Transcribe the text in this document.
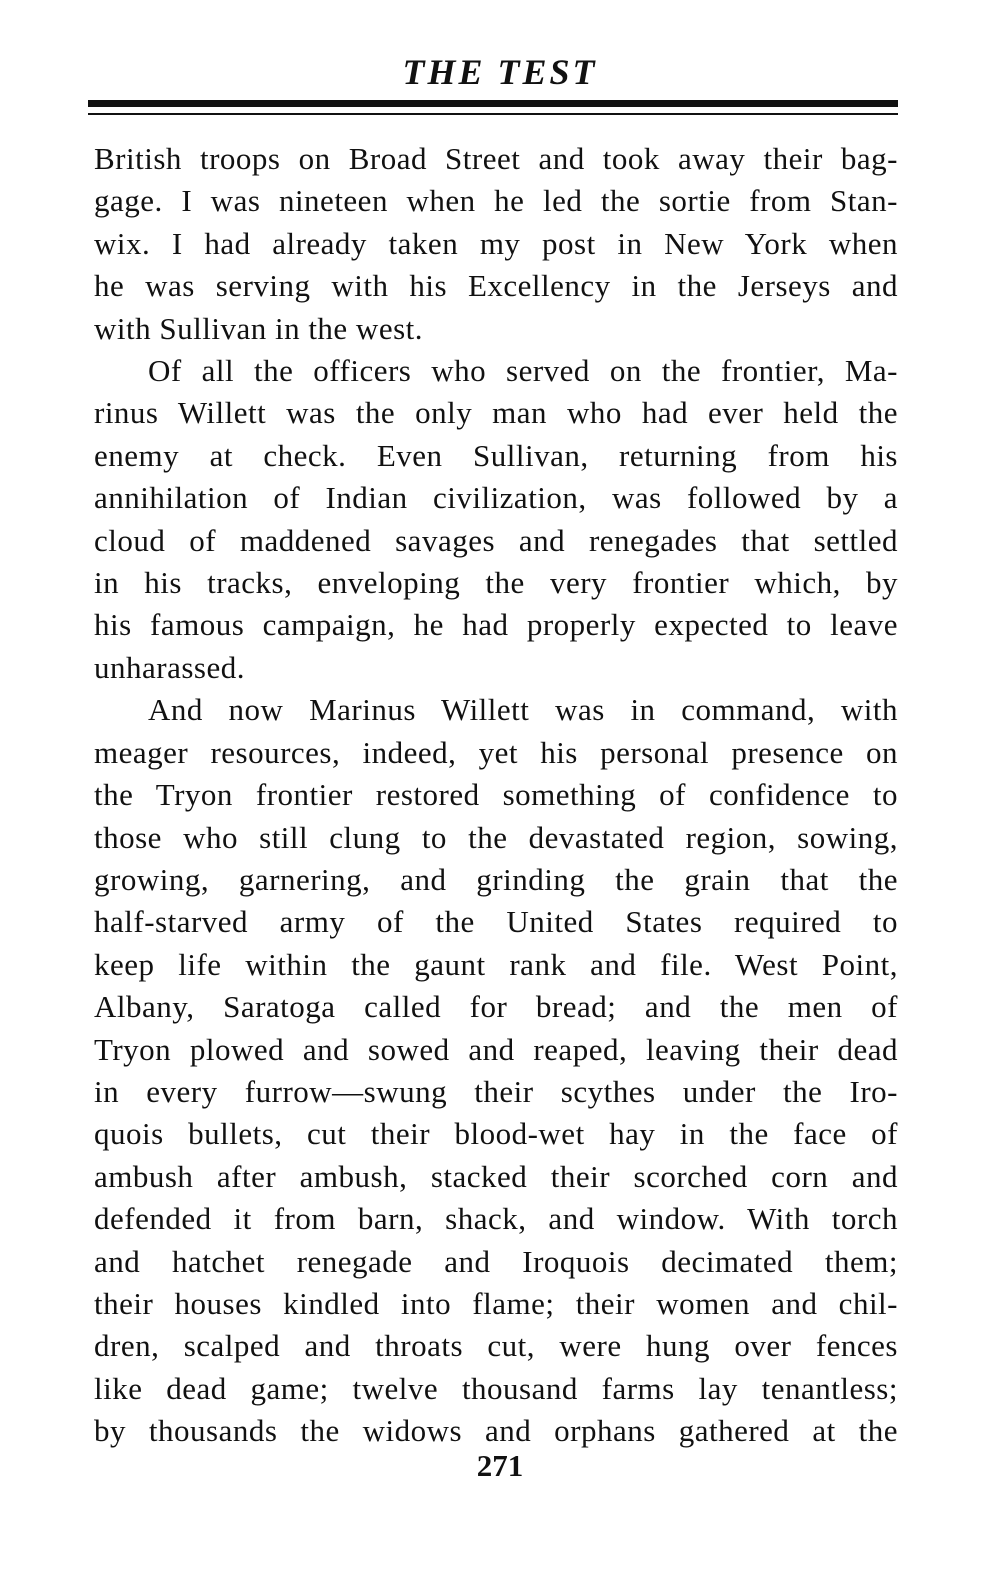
THE TEST

British troops on Broad Street and took away their bag-
gage. I was nineteen when he led the sortie from Stan-
wix. I had already taken my post in New York when
he was serving with his Excellency in the Jerseys and
with Sullivan in the west.

Of all the officers who served on the frontier, Ma-
rinus Willett was the only man who had ever held the
enemy at check. Even Sullivan, returning from his
annihilation of Indian civilization, was followed by a
cloud of maddened savages and renegades that settled
in his tracks, enveloping the very frontier which, by
his famous campaign, he had properly expected to leave
unharassed.

And now Marinus Willett was in command, with
meager resources, indeed, yet his personal presence on
the Tryon frontier restored something of confidence to
those who still clung to the devastated region, sowing,
growing, garnering, and grinding the grain that the
half-starved army of the United States required to
keep life within the gaunt rank and file. West Point,
Albany, Saratoga called for bread; and the men of
Tryon plowed and sowed and reaped, leaving their dead
in every furrow—swung their scythes under the Iro-
quois bullets, cut their blood-wet hay in the face of
ambush after ambush, stacked their scorched corn and
defended it from barn, shack, and window. With torch
and hatchet renegade and Iroquois decimated them;
their houses kindled into flame; their women and chil-
dren, scalped and throats cut, were hung over fences
like dead game; twelve thousand farms lay tenantless;
by thousands the widows and orphans gathered at the

271
